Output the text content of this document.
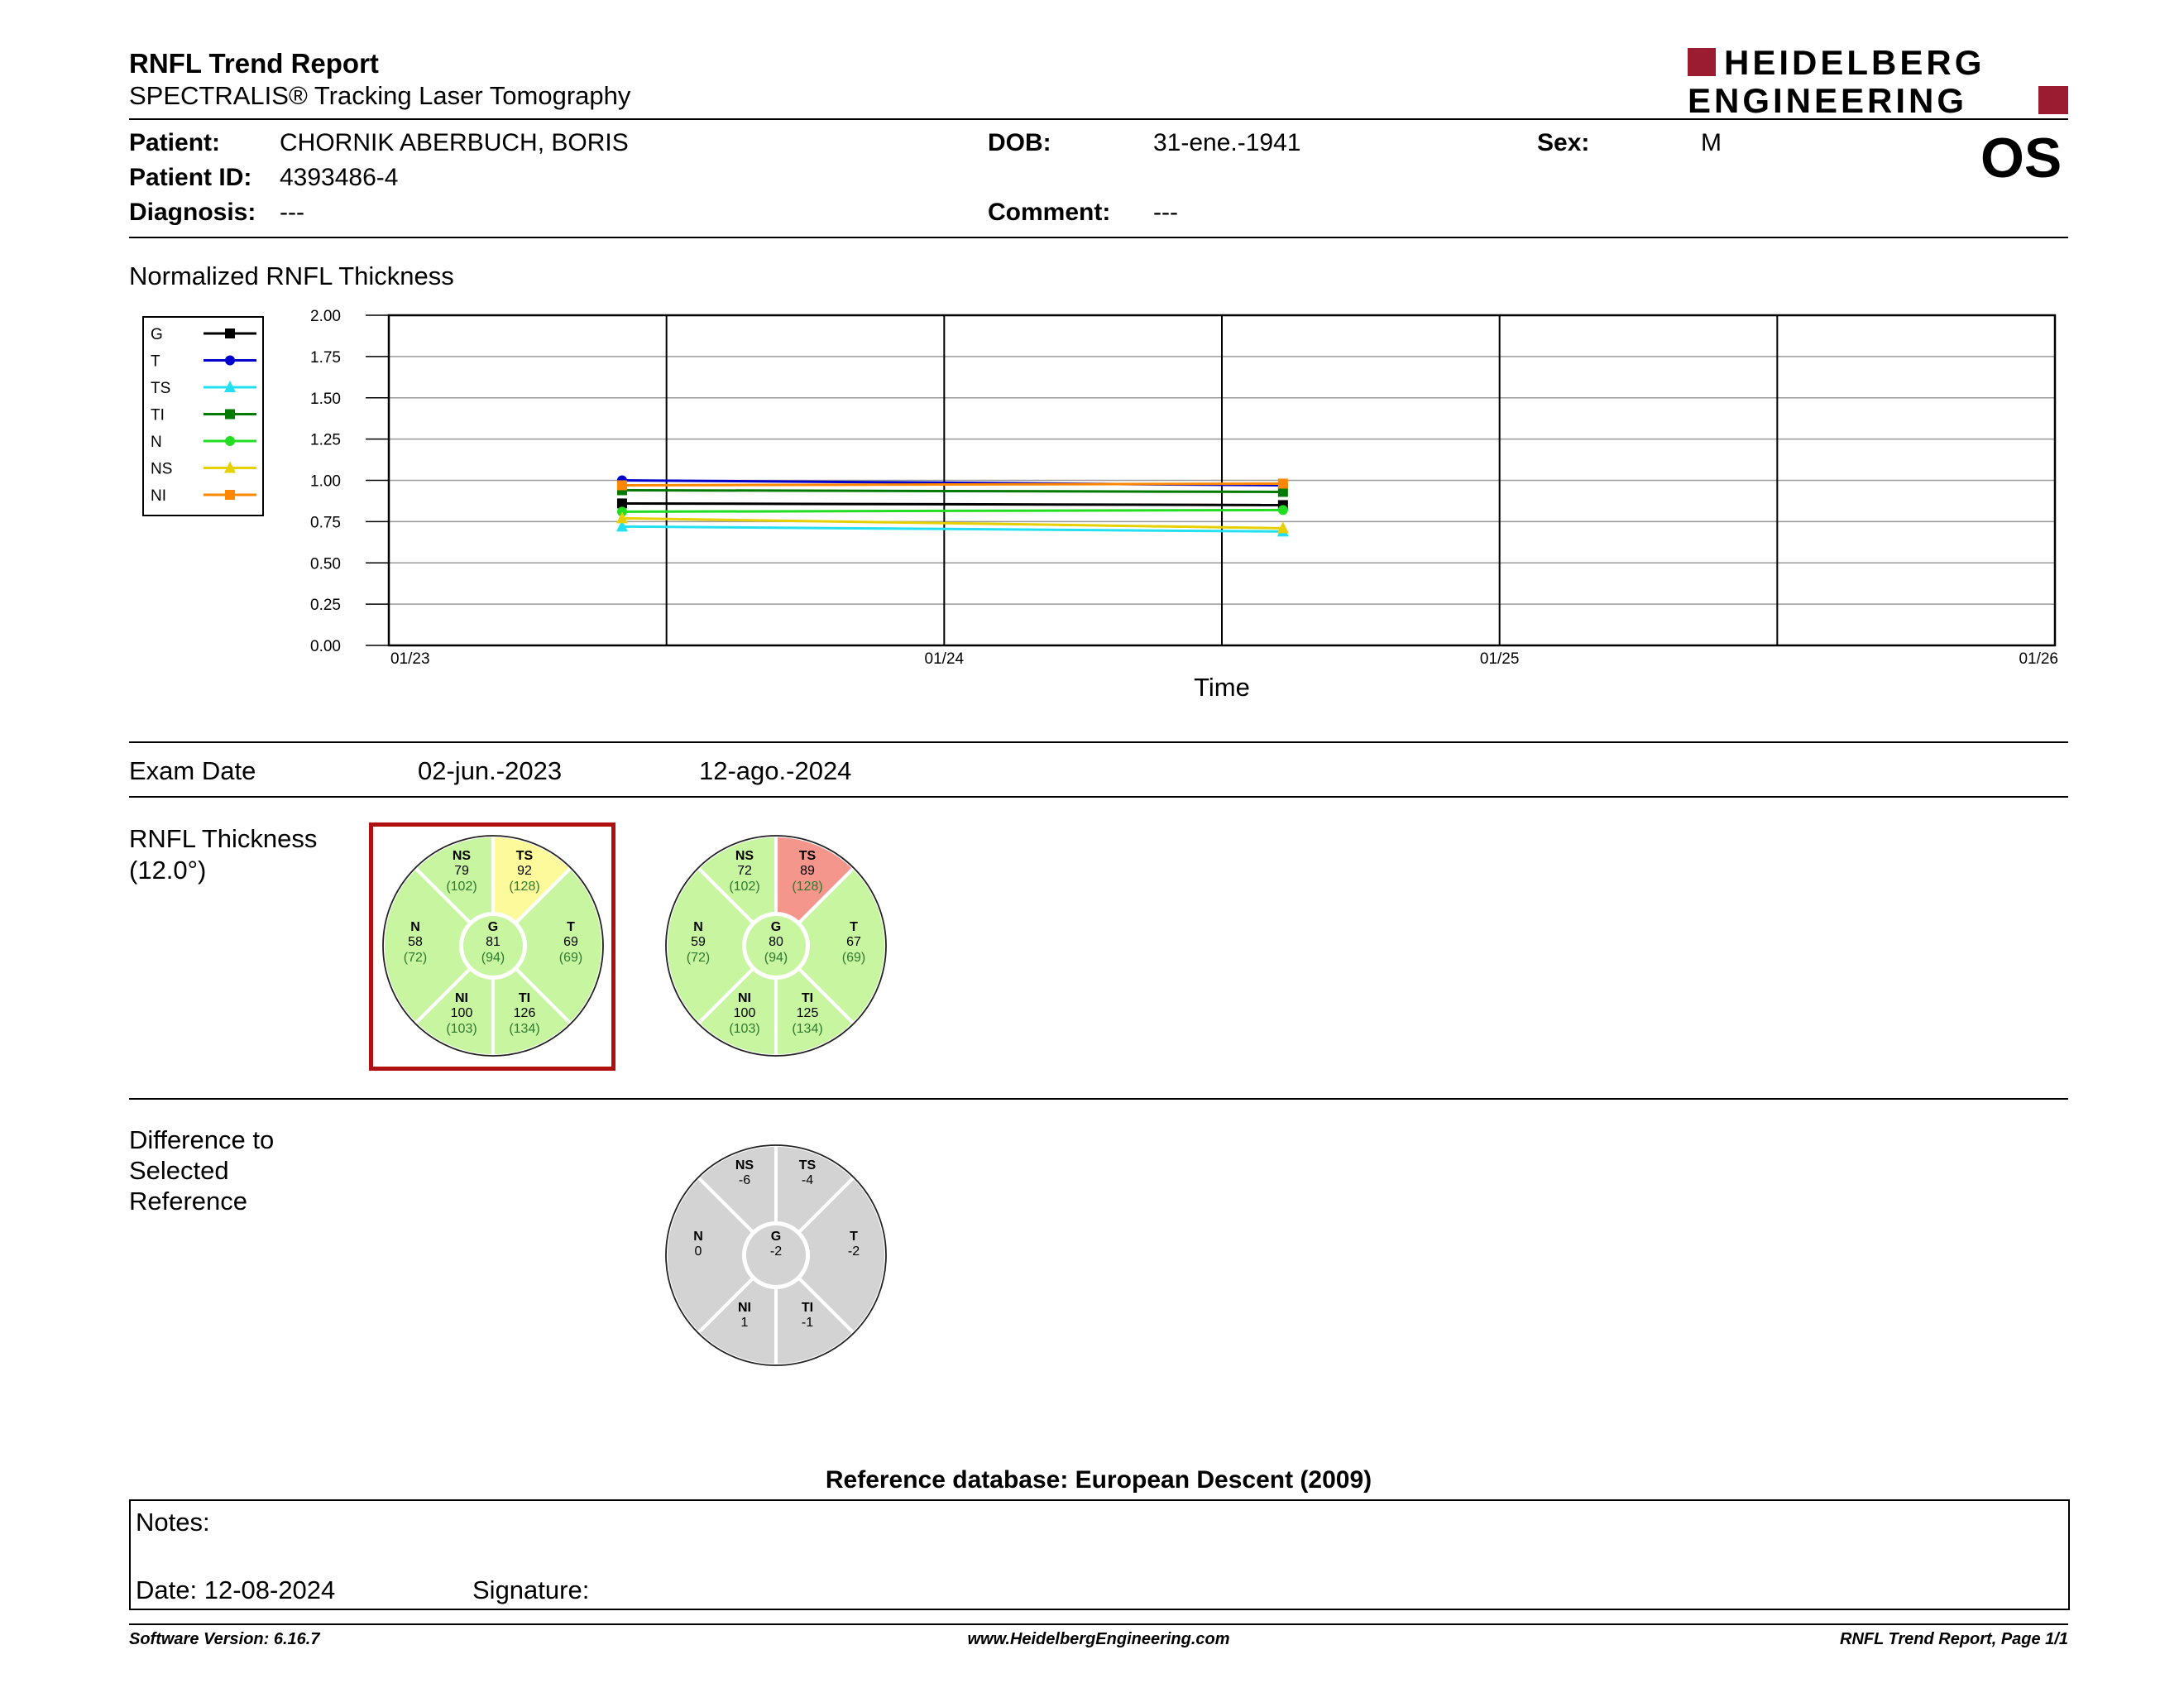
RNFL Trend Report
SPECTRALIS® Tracking Laser Tomography
HEIDELBERG
ENGINEERING
Patient: CHORNIK ABERBUCH, BORIS
Patient ID: 4393486-4
Diagnosis: ---
DOB:	31-ene.-1941
Comment: ---
Sex:	M	OS
Normalized RNFL Thickness
G
T
TS
TI
N
NS
NI
0.00
0.25
0.50
0.75
1.00
1.25
1.50
1.75
2.00
01/23	01/24	01/25	01/26
Time
Exam Date	02-jun.-2023	12-ago.-2024
RNFL Thickness
(12.0°)
G
81
(94)
TS
92
(128)
NS
79
(102)
N
58
(72)
NI
100
(103)
TI
126
(134)
T
69
(69)
G
80
(94)
TS
89
(128)
NS
72
(102)
N
59
(72)
NI
100
(103)
TI
125
(134)
T
67
(69)
G
-2
TS
-4
NS
-6
N
0
NI
1
TI
-1
T
-2
Difference to
Selected
Reference
Reference database: European Descent (2009)
Notes:
Date: 12-08-2024	Signature:
Software Version: 6.16.7	www.HeidelbergEngineering.com	RNFL Trend Report, Page 1/1
